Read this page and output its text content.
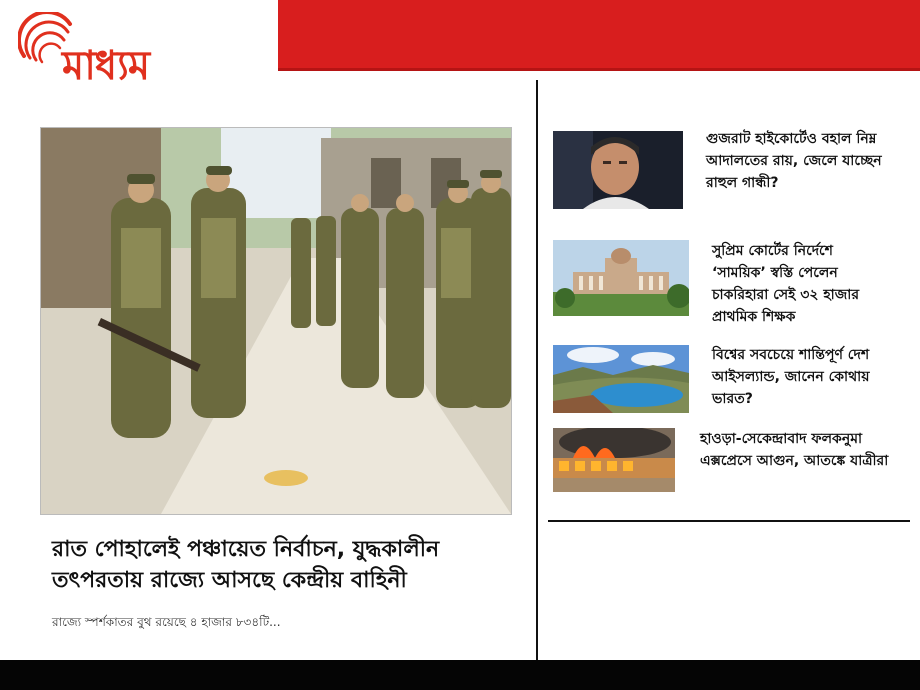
মাধ্যম
রাত পোহালেই পঞ্চায়েত নির্বাচন, যুদ্ধকালীন
তৎপরতায় রাজ্যে আসছে কেন্দ্রীয় বাহিনী
রাজ্যে স্পর্শকাতর বুথ রয়েছে ৪ হাজার ৮৩৪টি...
গুজরাট হাইকোর্টেও বহাল নিম্ন
আদালতের রায়, জেলে যাচ্ছেন
রাহুল গান্ধী?
সুপ্রিম কোর্টের নির্দেশে
‘সাময়িক’ স্বস্তি পেলেন
চাকরিহারা সেই ৩২ হাজার
প্রাথমিক শিক্ষক
বিশ্বের সবচেয়ে শান্তিপূর্ণ দেশ
আইসল্যান্ড, জানেন কোথায়
ভারত?
হাওড়া-সেকেন্দ্রাবাদ ফলকনুমা
এক্সপ্রেসে আগুন, আতঙ্কে যাত্রীরা
